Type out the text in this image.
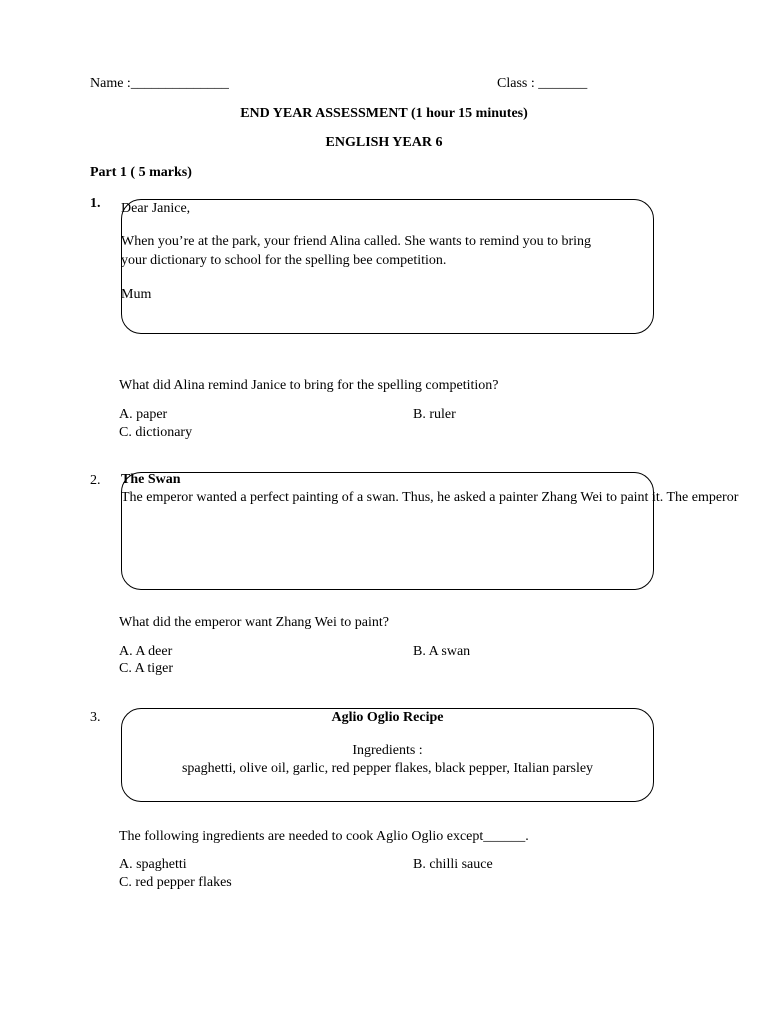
Name :______________	Class : _______
END YEAR ASSESSMENT (1 hour 15 minutes)
ENGLISH YEAR 6
Part 1 ( 5 marks)
1. Dear Janice,
When you’re at the park, your friend Alina called. She wants to remind you to bring
your dictionary to school for the spelling bee competition.
Mum
What did Alina remind Janice to bring for the spelling competition?
A. paper	B. ruler
C. dictionary
2. The Swan
The emperor wanted a perfect painting of a swan. Thus, he asked a painter Zhang Wei to paint it. The emperor
What did the emperor want Zhang Wei to paint?
A. A deer	B. A swan
C. A tiger
3.	Aglio Oglio Recipe
Ingredients :
spaghetti, olive oil, garlic, red pepper flakes, black pepper, Italian parsley
The following ingredients are needed to cook Aglio Oglio except______.
A. spaghetti	B. chilli sauce
C. red pepper flakes
